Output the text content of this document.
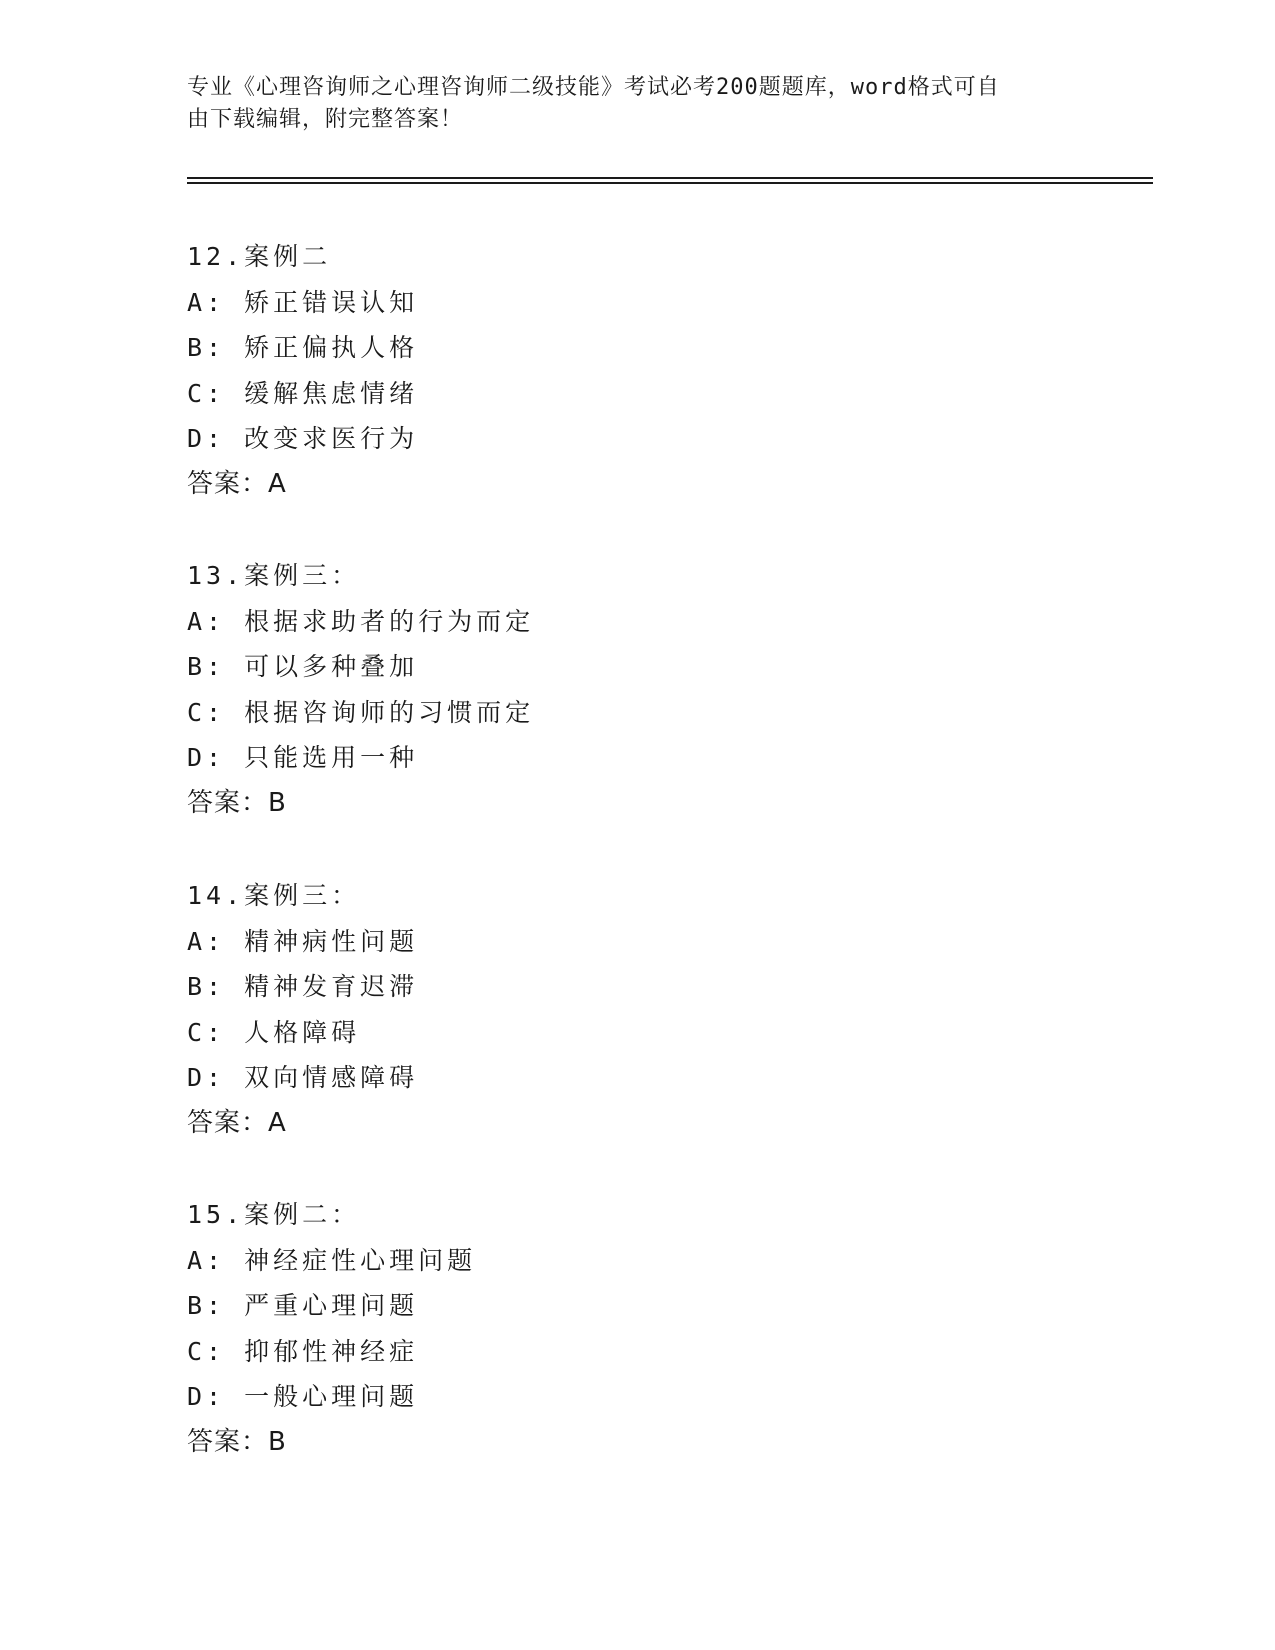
专业《心理咨询师之心理咨询师二级技能》考试必考200题题库，word格式可自
由下载编辑，附完整答案！
12.案例二
A: 矫正错误认知
B: 矫正偏执人格
C: 缓解焦虑情绪
D: 改变求医行为
答案：A
13.案例三：
A: 根据求助者的行为而定
B: 可以多种叠加
C: 根据咨询师的习惯而定
D: 只能选用一种
答案：B
14.案例三：
A: 精神病性问题
B: 精神发育迟滞
C: 人格障碍
D: 双向情感障碍
答案：A
15.案例二：
A: 神经症性心理问题
B: 严重心理问题
C: 抑郁性神经症
D: 一般心理问题
答案：B
